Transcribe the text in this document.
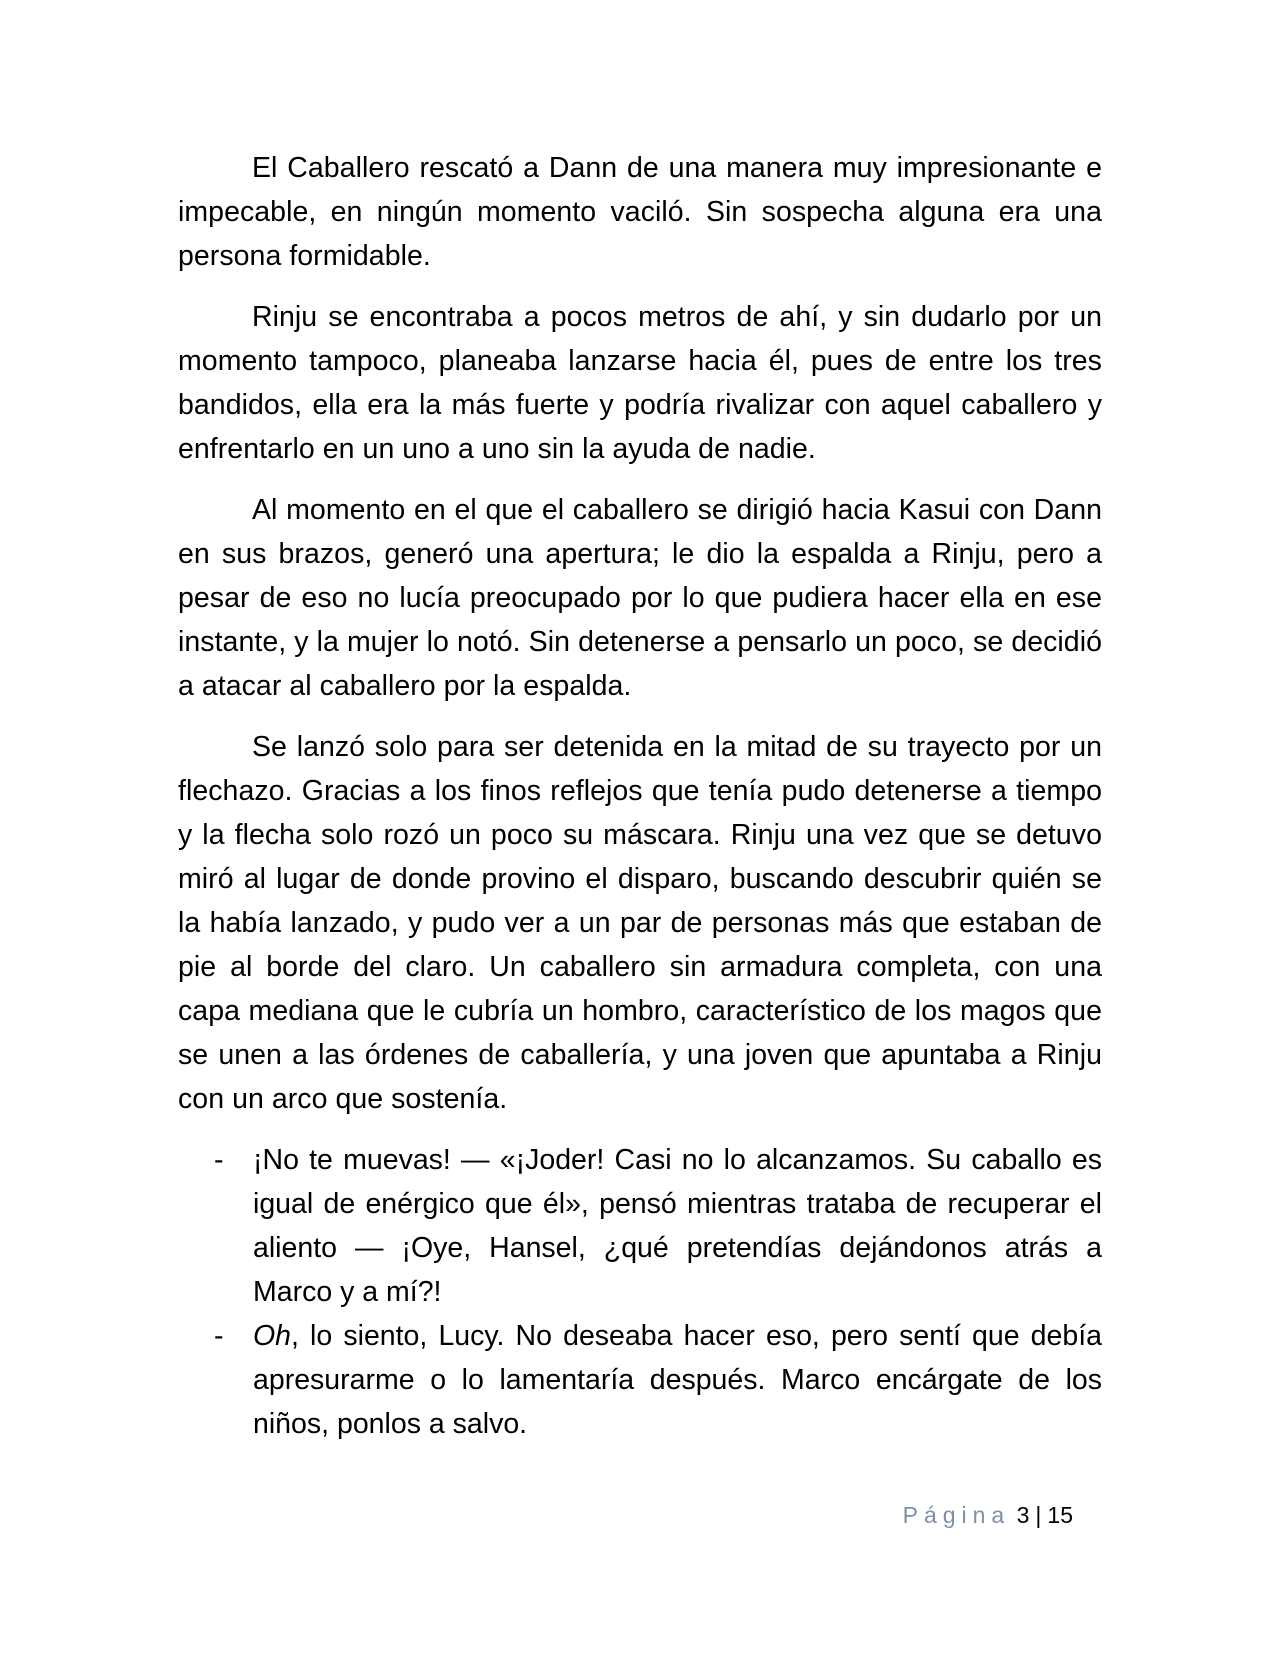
El Caballero rescató a Dann de una manera muy impresionante e impecable, en ningún momento vaciló. Sin sospecha alguna era una persona formidable.

Rinju se encontraba a pocos metros de ahí, y sin dudarlo por un momento tampoco, planeaba lanzarse hacia él, pues de entre los tres bandidos, ella era la más fuerte y podría rivalizar con aquel caballero y enfrentarlo en un uno a uno sin la ayuda de nadie.

Al momento en el que el caballero se dirigió hacia Kasui con Dann en sus brazos, generó una apertura; le dio la espalda a Rinju, pero a pesar de eso no lucía preocupado por lo que pudiera hacer ella en ese instante, y la mujer lo notó. Sin detenerse a pensarlo un poco, se decidió a atacar al caballero por la espalda.

Se lanzó solo para ser detenida en la mitad de su trayecto por un flechazo. Gracias a los finos reflejos que tenía pudo detenerse a tiempo y la flecha solo rozó un poco su máscara. Rinju una vez que se detuvo miró al lugar de donde provino el disparo, buscando descubrir quién se la había lanzado, y pudo ver a un par de personas más que estaban de pie al borde del claro. Un caballero sin armadura completa, con una capa mediana que le cubría un hombro, característico de los magos que se unen a las órdenes de caballería, y una joven que apuntaba a Rinju con un arco que sostenía.

- ¡No te muevas! — «¡Joder! Casi no lo alcanzamos. Su caballo es igual de enérgico que él», pensó mientras trataba de recuperar el aliento — ¡Oye, Hansel, ¿qué pretendías dejándonos atrás a Marco y a mí?!
- Oh, lo siento, Lucy. No deseaba hacer eso, pero sentí que debía apresurarme o lo lamentaría después. Marco encárgate de los niños, ponlos a salvo.
Página 3 | 15
